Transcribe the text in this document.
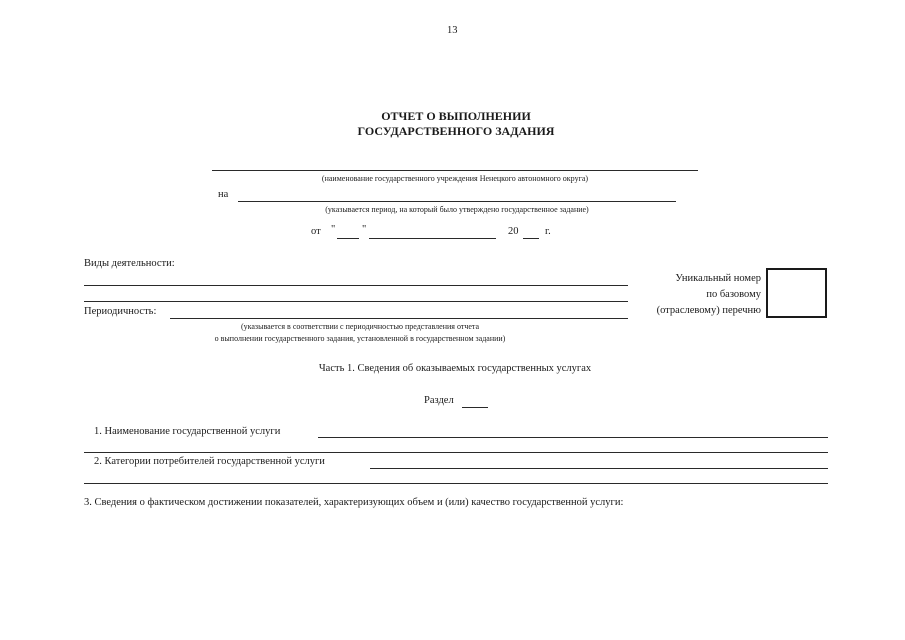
13
ОТЧЕТ О ВЫПОЛНЕНИИ
ГОСУДАРСТВЕННОГО ЗАДАНИЯ
(наименование государственного учреждения Ненецкого автономного округа)
на
(указывается период, на который было утверждено государственное задание)
от "	"	20	г.
Виды деятельности:
Уникальный номер
по базовому
(отраслевому) перечню
Периодичность:
(указывается в соответствии с периодичностью представления отчета
о выполнении государственного задания, установленной в государственном задании)
Часть 1. Сведения об оказываемых государственных услугах
Раздел
1. Наименование государственной услуги
2. Категории потребителей государственной услуги
3. Сведения о фактическом достижении показателей, характеризующих объем и (или) качество государственной услуги:
